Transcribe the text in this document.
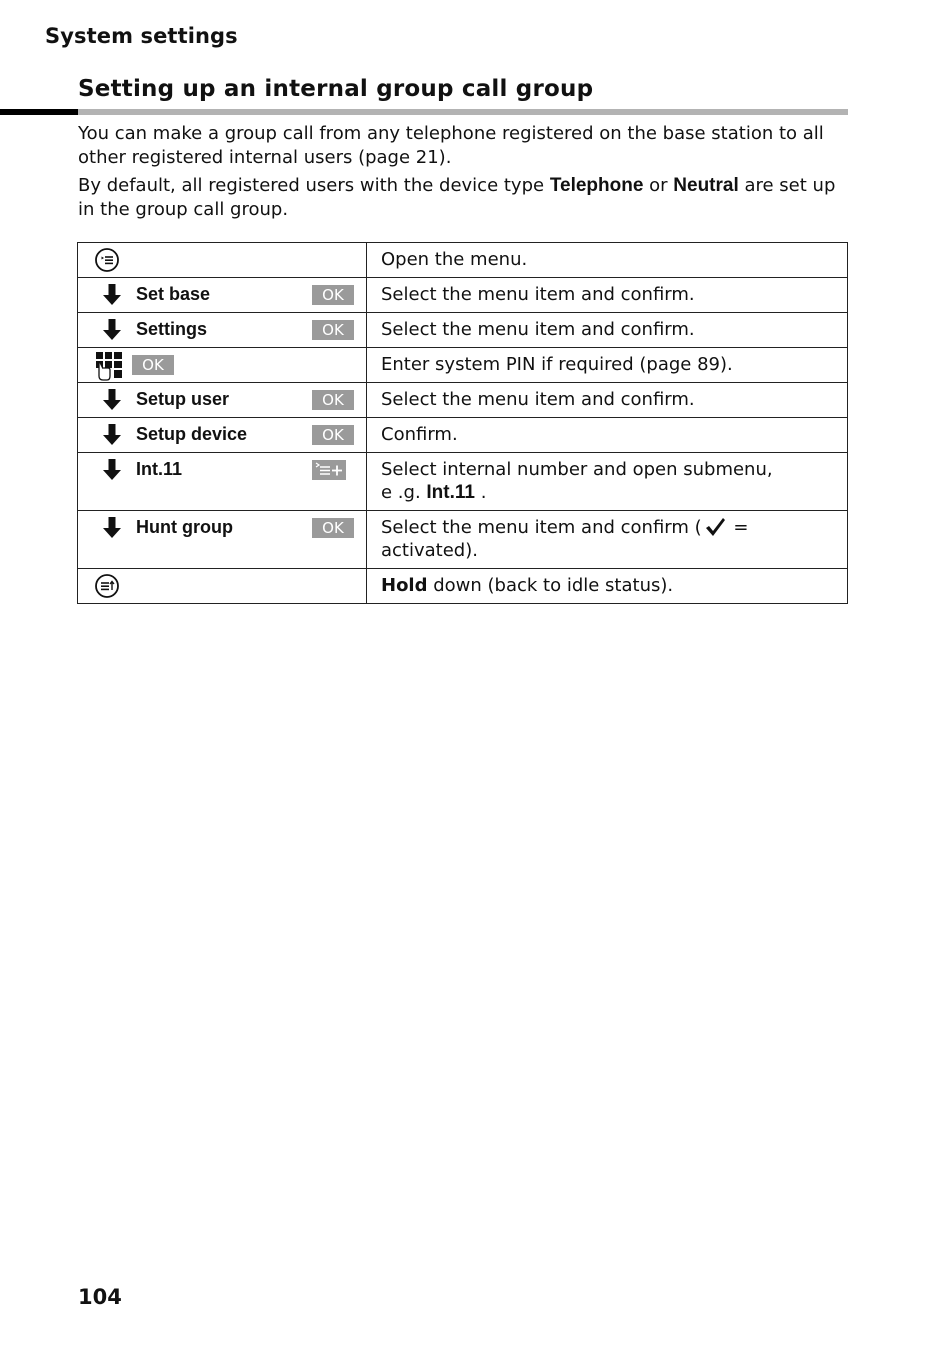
System settings
Setting up an internal group call group
You can make a group call from any telephone registered on the base station to all other registered internal users (page 21).
By default, all registered users with the device type Telephone or Neutral are set up in the group call group.
	Open the menu.

Set base OK	Select the menu item and confirm.

Settings OK	Select the menu item and confirm.

OK	Enter system PIN if required (page 89).

Setup user OK	Select the menu item and confirm.

Setup device OK	Confirm.

Int.11	Select internal number and open submenu,
e .g. Int.11 .

Hunt group OK	Select the menu item and confirm ( = activated).

	Hold down (back to idle status).
104
